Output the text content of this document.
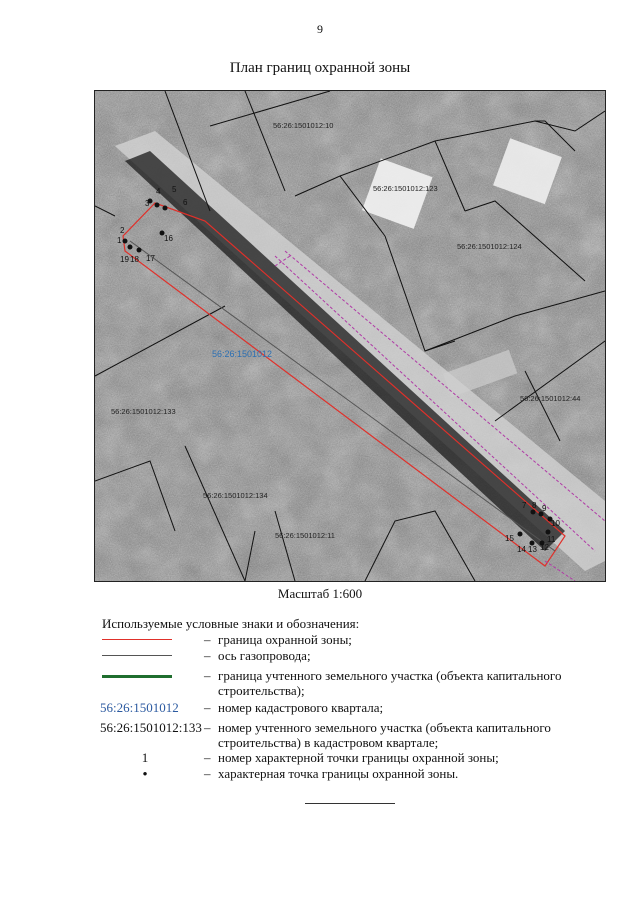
9
План границ охранной зоны
56:26:1501012
56:26:1501012:10
56:26:1501012:123
56:26:1501012:124
56:26:1501012:44
56:26:1501012:133
56:26:1501012:134
56:26:1501012:11
1
2
3
4 5
6
16
17
18
19
7 8 9
10
11
12
13
14
15
Масштаб 1:600
Используемые условные знаки и обозначения:
– граница охранной зоны;
– ось газопровода;
– граница учтенного земельного участка (объекта капитального строительства);
56:26:1501012	– номер кадастрового квартала;
56:26:1501012:133 – номер учтенного земельного участка (объекта капитального строительства) в кадастровом квартале;
1	– номер характерной точки границы охранной зоны;
•	– характерная точка границы охранной зоны.
